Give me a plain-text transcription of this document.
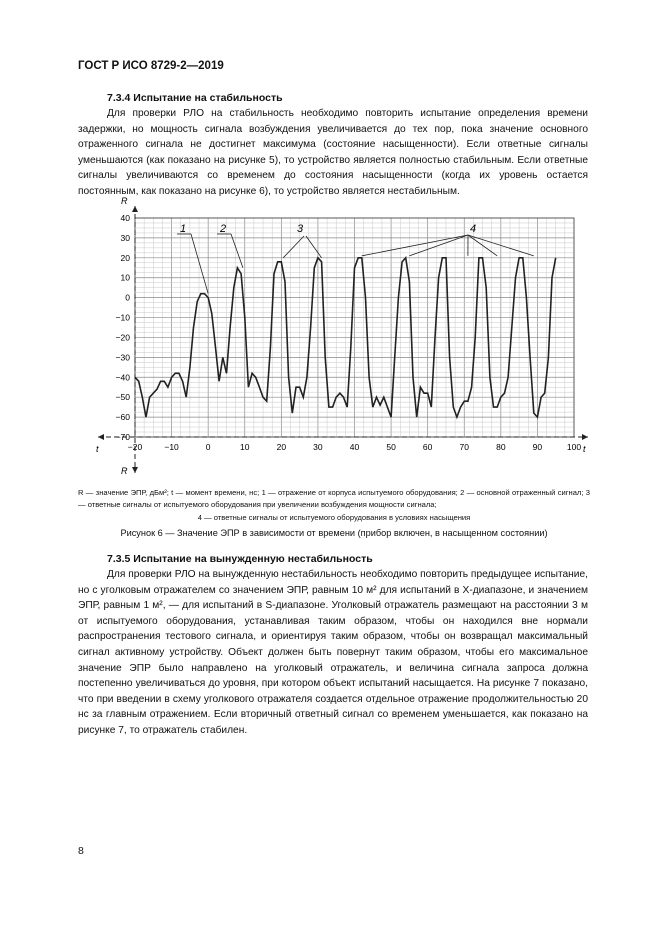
ГОСТ Р ИСО 8729-2—2019
7.3.4 Испытание на стабильность

Для проверки РЛО на стабильность необходимо повторить испытание определения времени задержки, но мощность сигнала возбуждения увеличивается до тех пор, пока значение основного отраженного сигнала не достигнет максимума (состояние насыщенности). Если ответные сигналы уменьшаются (как показано на рисунке 5), то устройство является полностью стабильным. Если ответные сигналы увеличиваются со временем до состояния насыщенности (когда их уровень остается постоянным, как показано на рисунке 6), то устройство является нестабильным.

R
R
t	t
−20	−10	0	10	20	30	40	50	60	70	80	90	100
40
30
20
10
0
−10
−20
−30
−40
−50
−60
−70
1	2	3	4
R — значение ЭПР, дБм²; t — момент времени, нс; 1 — отражение от корпуса испытуемого оборудования; 2 — основной отраженный сигнал; 3 — ответные сигналы от испытуемого оборудования при увеличении возбуждения мощности сигнала;
4 — ответные сигналы от испытуемого оборудования в условиях насыщения
Рисунок 6 — Значение ЭПР в зависимости от времени (прибор включен, в насыщенном состоянии)
7.3.5 Испытание на вынужденную нестабильность

Для проверки РЛО на вынужденную нестабильность необходимо повторить предыдущее испытание, но с уголковым отражателем со значением ЭПР, равным 10 м² для испытаний в X-диапазоне, и значением ЭПР, равным 1 м², — для испытаний в S-диапазоне. Уголковый отражатель размещают на расстоянии 3 м от испытуемого оборудования, устанавливая таким образом, чтобы он находился вне нормали распространения тестового сигнала, и ориентируя таким образом, чтобы он возвращал максимальный сигнал активному устройству. Объект должен быть повернут таким образом, чтобы его максимальное значение ЭПР было направлено на уголковый отражатель, и величина сигнала запроса должна постепенно увеличиваться до уровня, при котором объект испытаний насыщается. На рисунке 7 показано, что при введении в схему уголкового отражателя создается отдельное отражение продолжительностью 20 нс за главным отражением. Если вторичный ответный сигнал со временем уменьшается, как показано на рисунке 7, то отражатель стабилен.

8
